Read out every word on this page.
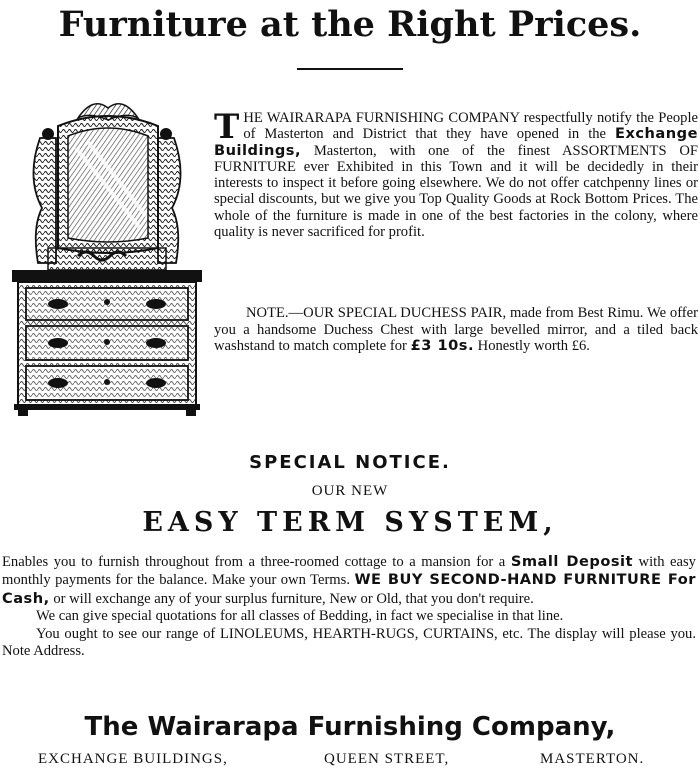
Furniture at the Right Prices.

THE WAIRARAPA FURNISHING COMPANY respectfully notify the People of Masterton and District that they have opened in the Exchange Buildings, Masterton, with one of the finest ASSORTMENTS OF FURNITURE ever Exhibited in this Town and it will be decidedly in their interests to inspect it before going elsewhere. We do not offer catchpenny lines or special discounts, but we give you Top Quality Goods at Rock Bottom Prices. The whole of the furniture is made in one of the best factories in the colony, where quality is never sacrificed for profit.

NOTE.—OUR SPECIAL DUCHESS PAIR, made from Best Rimu. We offer you a handsome Duchess Chest with large bevelled mirror, and a tiled back washstand to match complete for £3 10s. Honestly worth £6.

SPECIAL NOTICE.
OUR NEW
EASY TERM SYSTEM,

Enables you to furnish throughout from a three-roomed cottage to a mansion for a Small Deposit with easy monthly payments for the balance. Make your own Terms. WE BUY SECOND-HAND FURNITURE For Cash, or will exchange any of your surplus furniture, New or Old, that you don't require.

We can give special quotations for all classes of Bedding, in fact we specialise in that line.

You ought to see our range of LINOLEUMS, HEARTH-RUGS, CURTAINS, etc. The display will please you. Note Address.

The Wairarapa Furnishing Company,
EXCHANGE BUILDINGS,	QUEEN STREET,	MASTERTON.
